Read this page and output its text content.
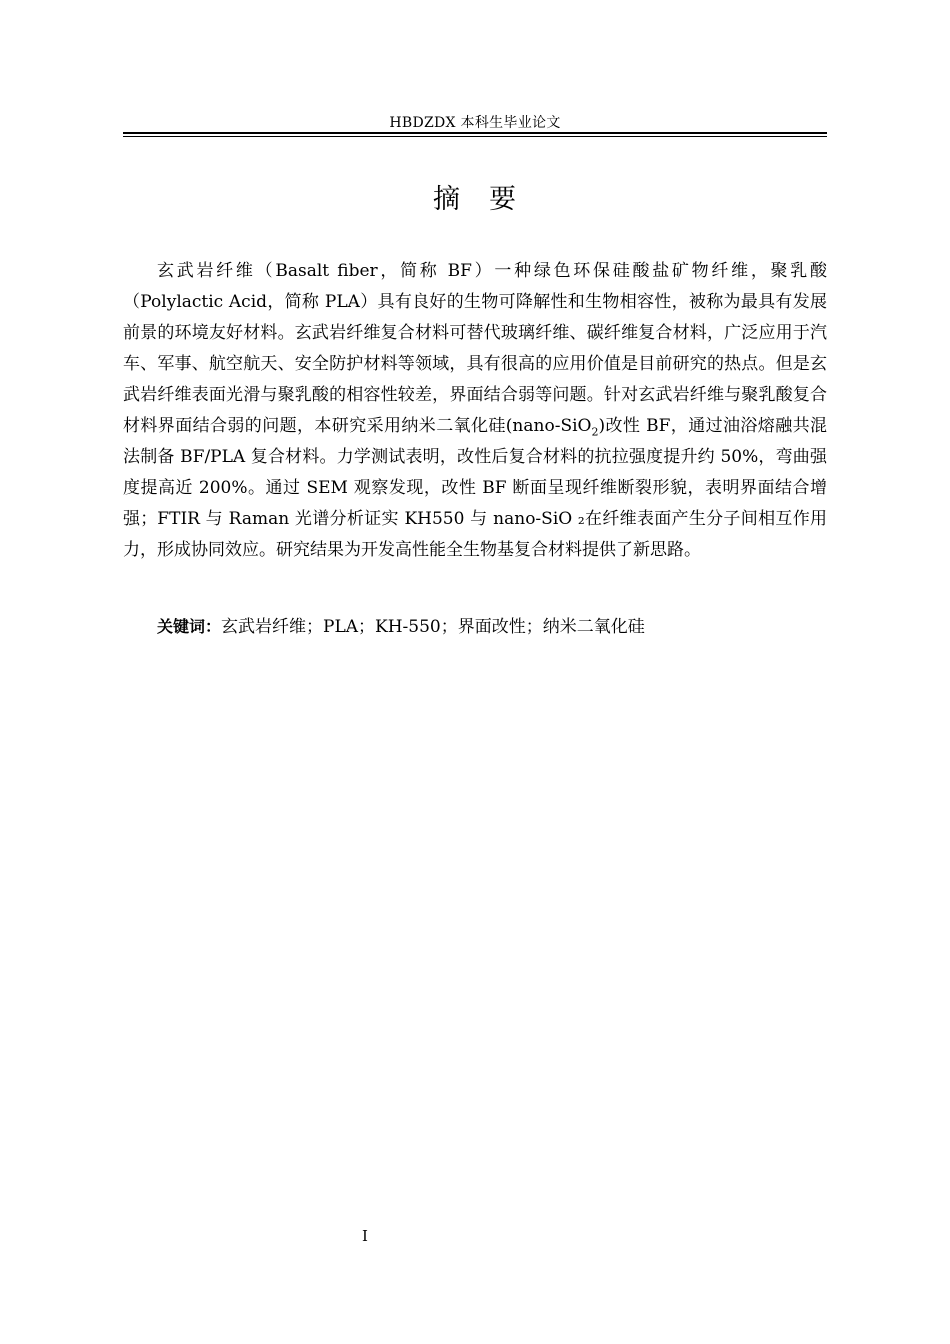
HBDZDX 本科生毕业论文
摘 要

玄武岩纤维（Basalt fiber，简称 BF）一种绿色环保硅酸盐矿物纤维，聚乳酸（Polylactic Acid，简称 PLA）具有良好的生物可降解性和生物相容性，被称为最具有发展前景的环境友好材料。玄武岩纤维复合材料可替代玻璃纤维、碳纤维复合材料，广泛应用于汽车、军事、航空航天、安全防护材料等领域，具有很高的应用价值是目前研究的热点。但是玄武岩纤维表面光滑与聚乳酸的相容性较差，界面结合弱等问题。针对玄武岩纤维与聚乳酸复合材料界面结合弱的问题，本研究采用纳米二氧化硅(nano-SiO$_2$)改性 BF，通过油浴熔融共混法制备 BF/PLA 复合材料。力学测试表明，改性后复合材料的抗拉强度提升约 50%，弯曲强度提高近 200%。通过 SEM 观察发现，改性 BF 断面呈现纤维断裂形貌，表明界面结合增强；FTIR 与 Raman 光谱分析证实 KH550 与 nano-SiO ₂在纤维表面产生分子间相互作用力，形成协同效应。研究结果为开发高性能全生物基复合材料提供了新思路。

关键词：玄武岩纤维；PLA；KH-550；界面改性；纳米二氧化硅

I
